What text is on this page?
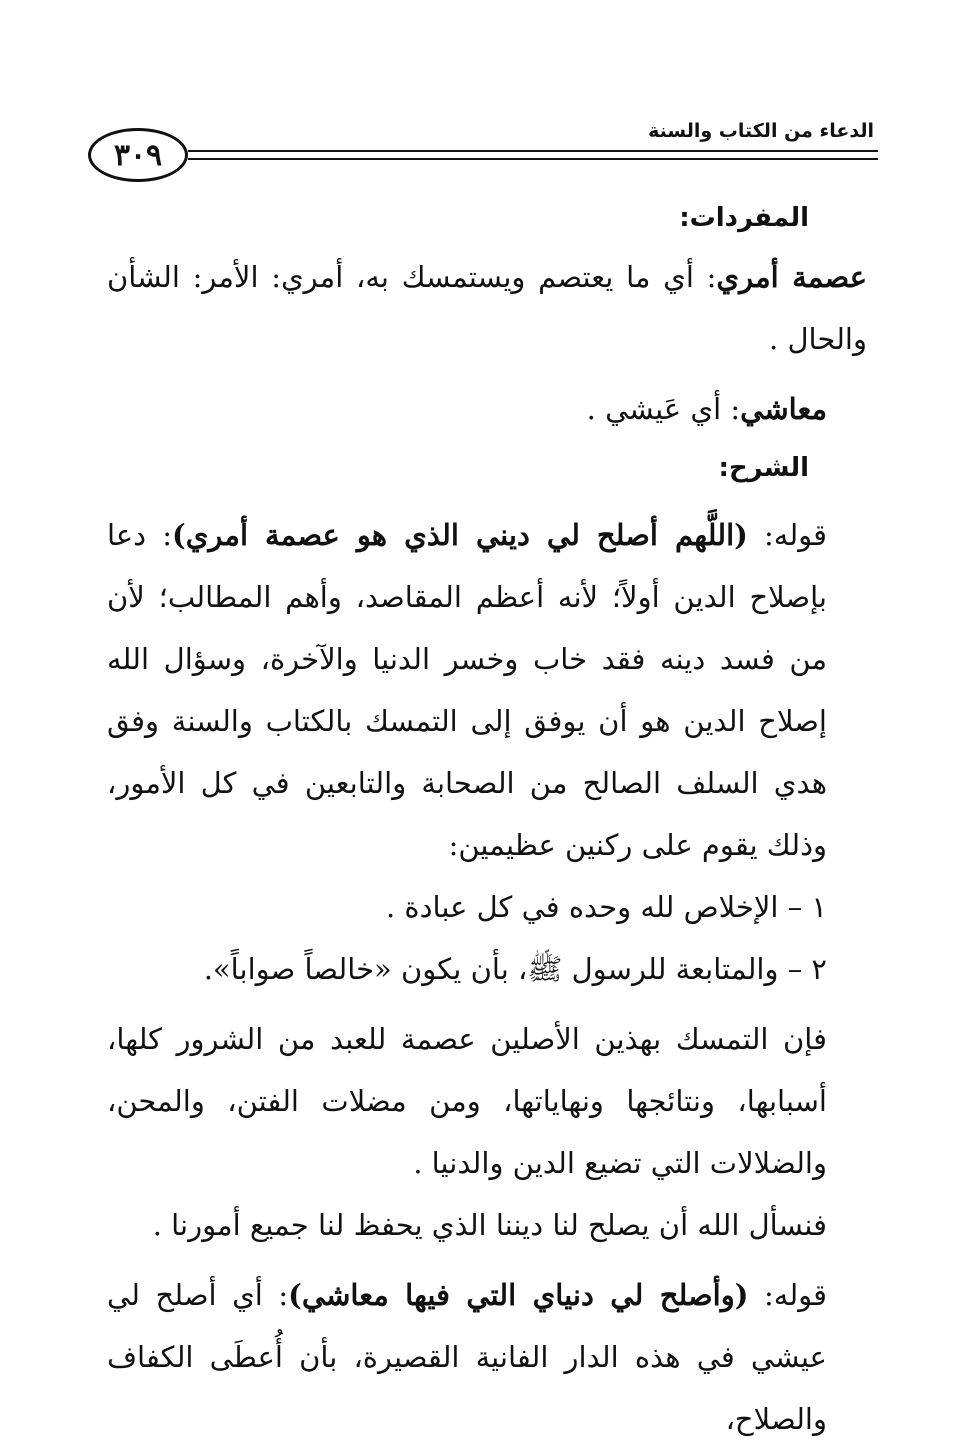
٣٠٩
الدعاء من الكتاب والسنة

المفردات:

عصمة أمري: أي ما يعتصم ويستمسك به، أمري: الأمر: الشأن والحال .

معاشي: أي عَيشي .

الشرح:

قوله: (اللَّهم أصلح لي ديني الذي هو عصمة أمري): دعا بإصلاح الدين أولاً؛ لأنه أعظم المقاصد، وأهم المطالب؛ لأن من فسد دينه فقد خاب وخسر الدنيا والآخرة، وسؤال الله إصلاح الدين هو أن يوفق إلى التمسك بالكتاب والسنة وفق هدي السلف الصالح من الصحابة والتابعين في كل الأمور، وذلك يقوم على ركنين عظيمين:

١ – الإخلاص لله وحده في كل عبادة .

٢ – والمتابعة للرسول ﷺ، بأن يكون «خالصاً صواباً».

فإن التمسك بهذين الأصلين عصمة للعبد من الشرور كلها، أسبابها، ونتائجها ونهاياتها، ومن مضلات الفتن، والمحن، والضلالات التي تضيع الدين والدنيا .

فنسأل الله أن يصلح لنا ديننا الذي يحفظ لنا جميع أمورنا .

قوله: (وأصلح لي دنياي التي فيها معاشي): أي أصلح لي عيشي في هذه الدار الفانية القصيرة، بأن أُعطَى الكفاف والصلاح،
